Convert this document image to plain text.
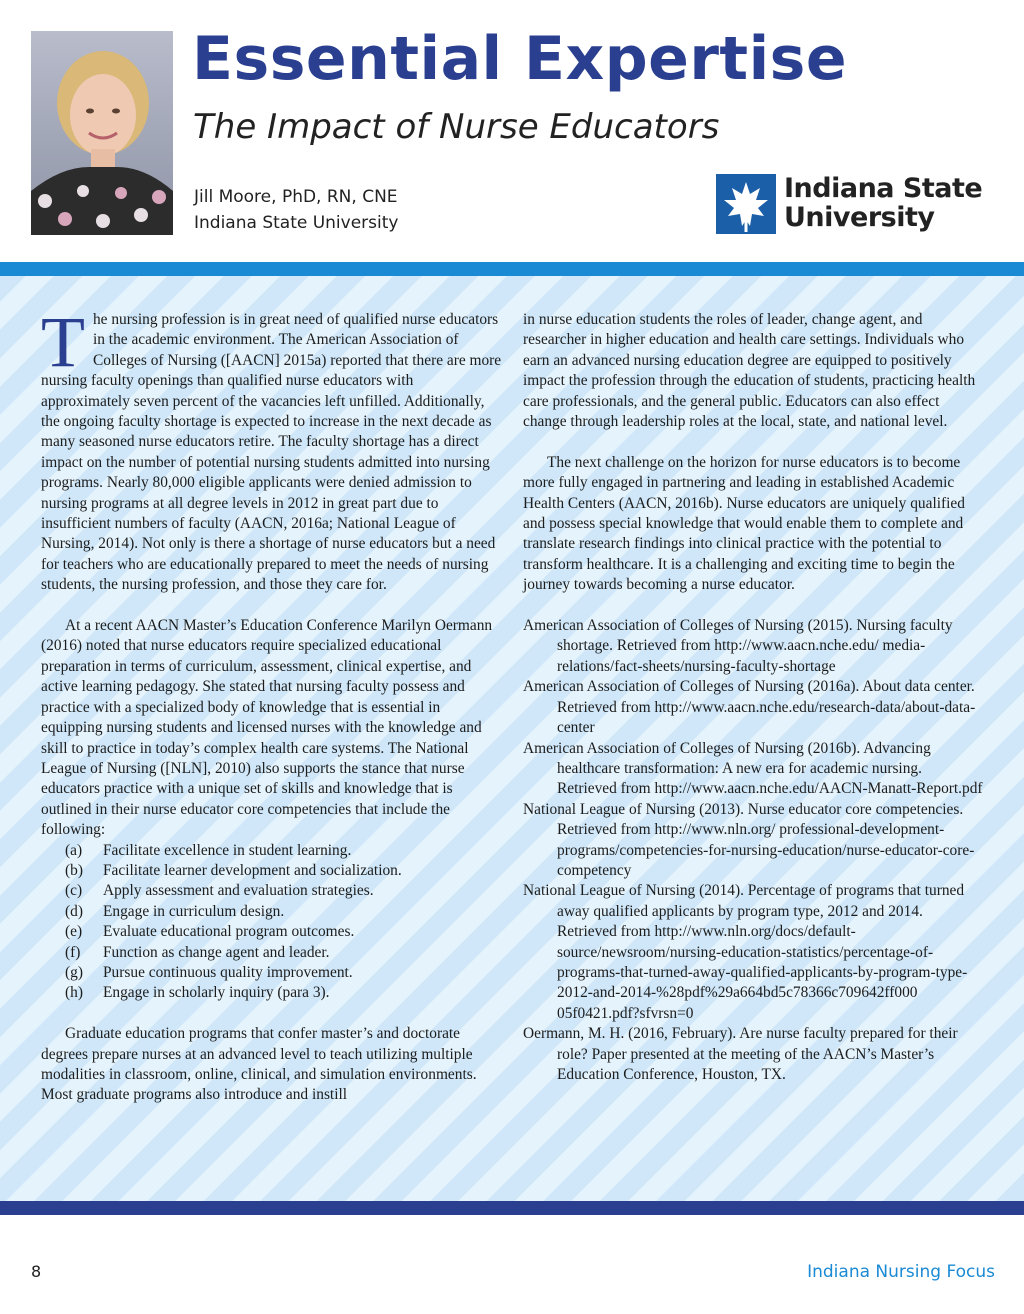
Essential Expertise
The Impact of Nurse Educators
Jill Moore, PhD, RN, CNE
Indiana State University
Indiana State
University

The nursing profession is in great need of qualified nurse educators in the academic environment. The American Association of Colleges of Nursing ([AACN] 2015a) reported that there are more nursing faculty openings than qualified nurse educators with approximately seven percent of the vacancies left unfilled. Additionally, the ongoing faculty shortage is expected to increase in the next decade as many seasoned nurse educators retire. The faculty shortage has a direct impact on the number of potential nursing students admitted into nursing programs. Nearly 80,000 eligible applicants were denied admission to nursing programs at all degree levels in 2012 in great part due to insufficient numbers of faculty (AACN, 2016a; National League of Nursing, 2014). Not only is there a shortage of nurse educators but a need for teachers who are educationally prepared to meet the needs of nursing students, the nursing profession, and those they care for.

At a recent AACN Master’s Education Conference Marilyn Oermann (2016) noted that nurse educators require specialized educational preparation in terms of curriculum, assessment, clinical expertise, and active learning pedagogy. She stated that nursing faculty possess and practice with a specialized body of knowledge that is essential in equipping nursing students and licensed nurses with the knowledge and skill to practice in today’s complex health care systems. The National League of Nursing ([NLN], 2010) also supports the stance that nurse educators practice with a unique set of skills and knowledge that is outlined in their nurse educator core competencies that include the following:

(a) Facilitate excellence in student learning.
(b) Facilitate learner development and socialization.
(c) Apply assessment and evaluation strategies.
(d) Engage in curriculum design.
(e) Evaluate educational program outcomes.
(f) Function as change agent and leader.
(g) Pursue continuous quality improvement.
(h) Engage in scholarly inquiry (para 3).

Graduate education programs that confer master’s and doctorate degrees prepare nurses at an advanced level to teach utilizing multiple modalities in classroom, online, clinical, and simulation environments. Most graduate programs also introduce and instill

in nurse education students the roles of leader, change agent, and researcher in higher education and health care settings. Individuals who earn an advanced nursing education degree are equipped to positively impact the profession through the education of students, practicing health care professionals, and the general public. Educators can also effect change through leadership roles at the local, state, and national level.

The next challenge on the horizon for nurse educators is to become more fully engaged in partnering and leading in established Academic Health Centers (AACN, 2016b). Nurse educators are uniquely qualified and possess special knowledge that would enable them to complete and translate research findings into clinical practice with the potential to transform healthcare. It is a challenging and exciting time to begin the journey towards becoming a nurse educator.

American Association of Colleges of Nursing (2015). Nursing faculty shortage. Retrieved from http://www.aacn.nche.edu/ media-relations/fact-sheets/nursing-faculty-shortage

American Association of Colleges of Nursing (2016a). About data center. Retrieved from http://www.aacn.nche.edu/research-data/about-data-center

American Association of Colleges of Nursing (2016b). Advancing healthcare transformation: A new era for academic nursing. Retrieved from http://www.aacn.nche.edu/AACN-Manatt-Report.pdf

National League of Nursing (2013). Nurse educator core competencies. Retrieved from http://www.nln.org/ professional-development-programs/competencies-for-nursing-education/nurse-educator-core-competency

National League of Nursing (2014). Percentage of programs that turned away qualified applicants by program type, 2012 and 2014. Retrieved from http://www.nln.org/docs/default-source/newsroom/nursing-education-statistics/percentage-of-programs-that-turned-away-qualified-applicants-by-program-type-2012-and-2014-%28pdf%29a664bd5c78366c709642ff000 05f0421.pdf?sfvrsn=0

Oermann, M. H. (2016, February). Are nurse faculty prepared for their role? Paper presented at the meeting of the AACN’s Master’s Education Conference, Houston, TX.

8	Indiana Nursing Focus
